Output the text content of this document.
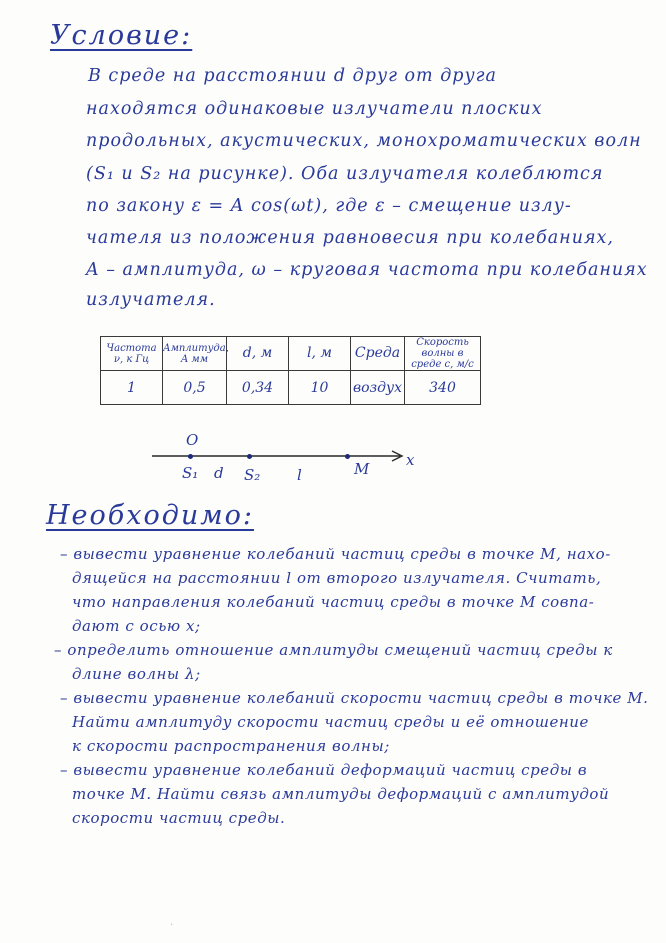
Условие:
В среде на расстоянии d друг от друга
находятся одинаковые излучатели плоских
продольных, акустических, монохроматических волн
(S₁ и S₂ на рисунке). Оба излучателя колеблются
по закону ε = A cos(ωt), где ε – смещение излу-
чателя из положения равновесия при колебаниях,
A – амплитуда, ω – круговая частота при колебаниях
излучателя.
Частота ν, к Гц	Амплитуда, A мм	d, м	l, м	Среда	Скорость волны в среде c, м/с
1	0,5	0,34	10	воздух	340
O
x
S₁ d S₂ l	M
Необходимо:
– вывести уравнение колебаний частиц среды в точке M, нахо-
дящейся на расстоянии l от второго излучателя. Считать,
что направления колебаний частиц среды в точке M совпа-
дают с осью x;
– определить отношение амплитуды смещений частиц среды к
длине волны λ;
– вывести уравнение колебаний скорости частиц среды в точке M.
Найти амплитуду скорости частиц среды и её отношение
к скорости распространения волны;
– вывести уравнение колебаний деформаций частиц среды в
точке M. Найти связь амплитуды деформаций с амплитудой
скорости частиц среды.
·
